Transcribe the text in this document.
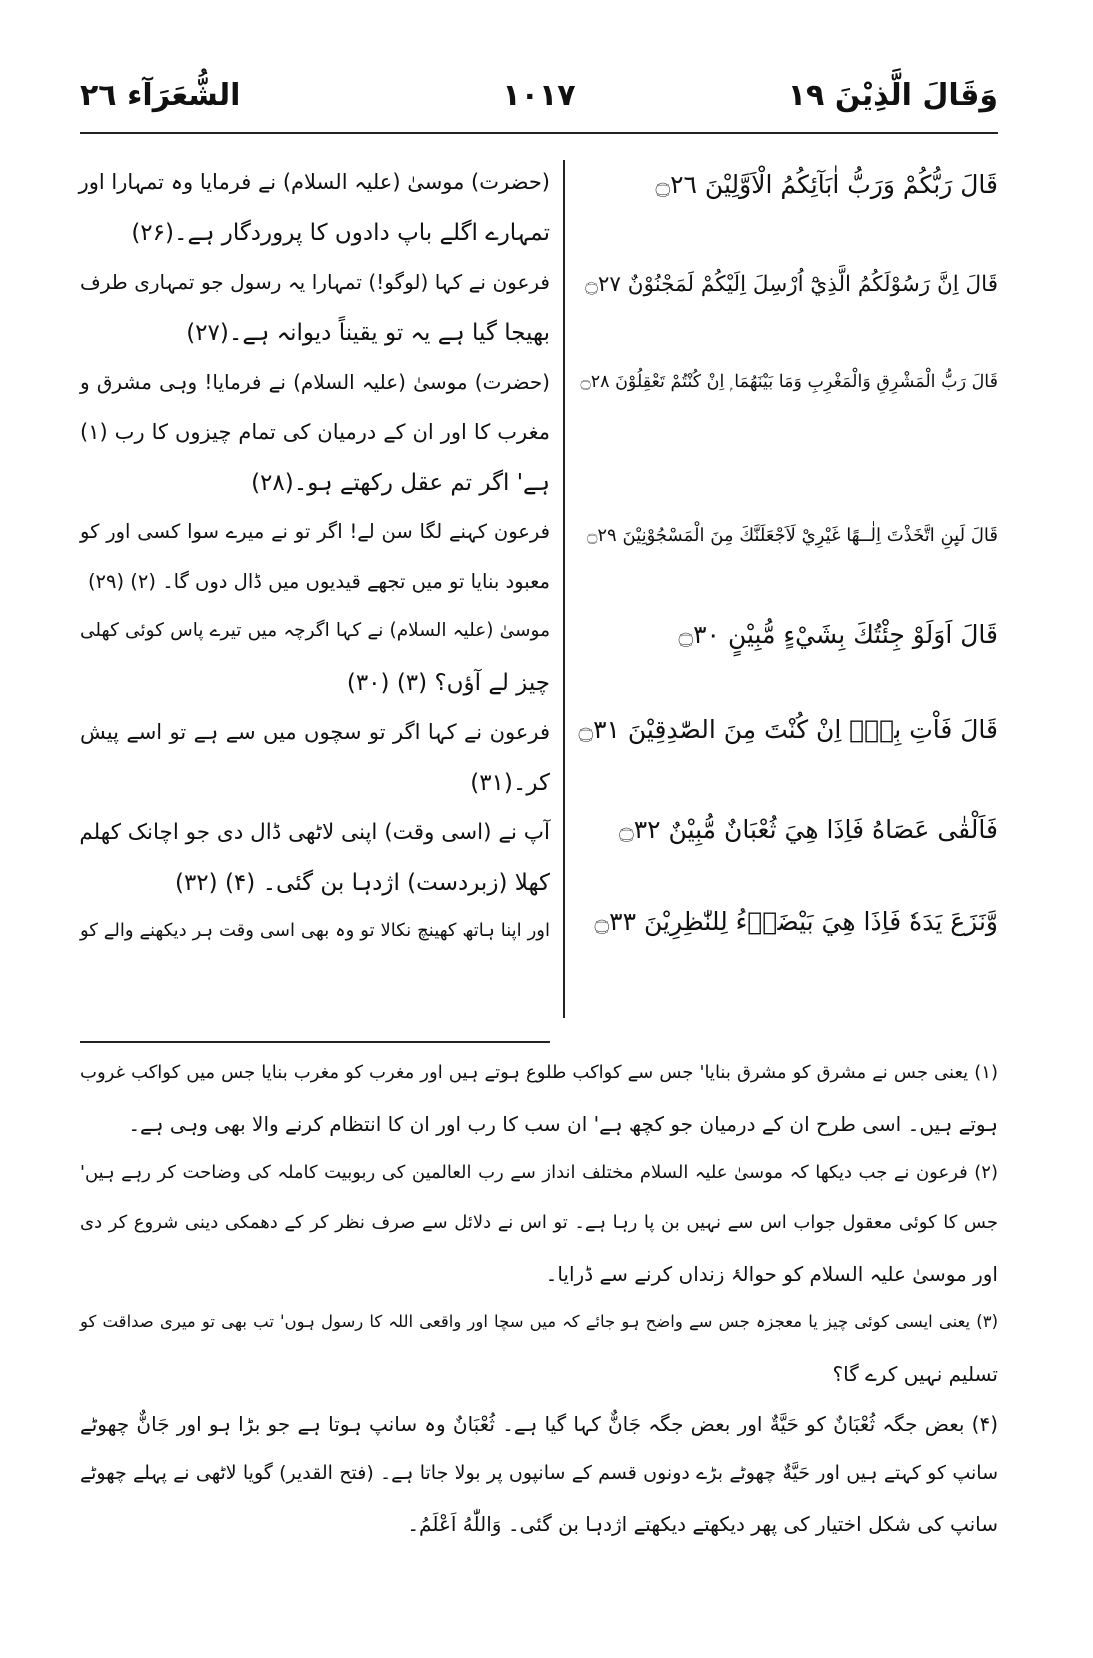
وَقَالَ الَّذِيْنَ ١٩
١٠١٧
الشُّعَرَآء ٢٦
قَالَ رَبُّكُمْ وَرَبُّ اٰبَآئِكُمُ الْاَوَّلِيْنَ ۝٢٦
قَالَ اِنَّ رَسُوْلَكُمُ الَّذِيْٓ اُرْسِلَ اِلَيْكُمْ لَمَجْنُوْنٌ ۝٢٧
قَالَ رَبُّ الْمَشْرِقِ وَالْمَغْرِبِ وَمَا بَيْنَهُمَا ۭ اِنْ كُنْتُمْ تَعْقِلُوْنَ ۝٢٨
قَالَ لَىِٕنِ اتَّخَذْتَ اِلٰــهًا غَيْرِيْ لَاَجْعَلَنَّكَ مِنَ الْمَسْجُوْنِيْنَ ۝٢٩
قَالَ اَوَلَوْ جِئْتُكَ بِشَيْءٍ مُّبِيْنٍ ۝٣٠
قَالَ فَاْتِ بِهٖٓ اِنْ كُنْتَ مِنَ الصّٰدِقِيْنَ ۝٣١
فَاَلْقٰى عَصَاهُ فَاِذَا هِيَ ثُعْبَانٌ مُّبِيْنٌ ۝٣٢
وَّنَزَعَ يَدَهٗ فَاِذَا هِيَ بَيْضَاۗءُ لِلنّٰظِرِيْنَ ۝٣٣
(حضرت) موسیٰ (علیہ السلام) نے فرمایا وہ تمہارا اور
تمہارے اگلے باپ دادوں کا پروردگار ہے۔(۲۶)
فرعون نے کہا (لوگو!) تمہارا یہ رسول جو تمہاری طرف
بھیجا گیا ہے یہ تو یقیناً دیوانہ ہے۔(۲۷)
(حضرت) موسیٰ (علیہ السلام) نے فرمایا! وہی مشرق و
مغرب کا اور ان کے درمیان کی تمام چیزوں کا رب (۱)
ہے' اگر تم عقل رکھتے ہو۔(۲۸)
فرعون کہنے لگا سن لے! اگر تو نے میرے سوا کسی اور کو
معبود بنایا تو میں تجھے قیدیوں میں ڈال دوں گا۔ (۲) (۲۹)
موسیٰ (علیہ السلام) نے کہا اگرچہ میں تیرے پاس کوئی کھلی
چیز لے آؤں؟ (۳) (۳۰)
فرعون نے کہا اگر تو سچوں میں سے ہے تو اسے پیش
کر۔(۳۱)
آپ نے (اسی وقت) اپنی لاٹھی ڈال دی جو اچانک کھلم
کھلا (زبردست) اژدہا بن گئی۔ (۴) (۳۲)
اور اپنا ہاتھ کھینچ نکالا تو وہ بھی اسی وقت ہر دیکھنے والے کو
(۱) یعنی جس نے مشرق کو مشرق بنایا' جس سے کواکب طلوع ہوتے ہیں اور مغرب کو مغرب بنایا جس میں کواکب غروب
ہوتے ہیں۔ اسی طرح ان کے درمیان جو کچھ ہے' ان سب کا رب اور ان کا انتظام کرنے والا بھی وہی ہے۔
(۲) فرعون نے جب دیکھا کہ موسیٰ علیہ السلام مختلف انداز سے رب العالمین کی ربوبیت کاملہ کی وضاحت کر رہے ہیں'
جس کا کوئی معقول جواب اس سے نہیں بن پا رہا ہے۔ تو اس نے دلائل سے صرف نظر کر کے دھمکی دینی شروع کر دی
اور موسیٰ علیہ السلام کو حوالۂ زنداں کرنے سے ڈرایا۔
(۳) یعنی ایسی کوئی چیز یا معجزہ جس سے واضح ہو جائے کہ میں سچا اور واقعی اللہ کا رسول ہوں' تب بھی تو میری صداقت کو
تسلیم نہیں کرے گا؟
(۴) بعض جگہ ثُعْبَانٌ کو حَيَّةٌ اور بعض جگہ جَانٌّ کہا گیا ہے۔ ثُعْبَانٌ وہ سانپ ہوتا ہے جو بڑا ہو اور جَانٌّ چھوٹے
سانپ کو کہتے ہیں اور حَيَّةٌ چھوٹے بڑے دونوں قسم کے سانپوں پر بولا جاتا ہے۔ (فتح القدیر) گویا لاٹھی نے پہلے چھوٹے
سانپ کی شکل اختیار کی پھر دیکھتے دیکھتے اژدہا بن گئی۔ وَاللّٰهُ اَعْلَمُ۔
